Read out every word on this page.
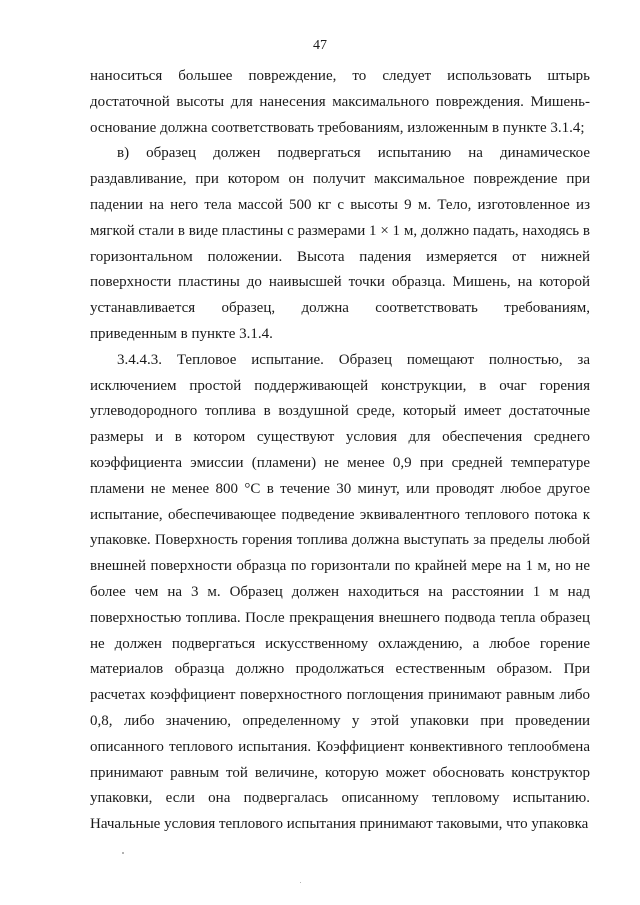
47

наноситься большее повреждение, то следует использовать штырь достаточной высоты для нанесения максимального повреждения. Мишень-основание должна соответствовать требованиям, изложенным в пункте 3.1.4;

в) образец должен подвергаться испытанию на динамическое раздавливание, при котором он получит максимальное повреждение при падении на него тела массой 500 кг с высоты 9 м. Тело, изготовленное из мягкой стали в виде пластины с размерами 1 × 1 м, должно падать, находясь в горизонтальном положении. Высота падения измеряется от нижней поверхности пластины до наивысшей точки образца. Мишень, на которой устанавливается образец, должна соответствовать требованиям, приведенным в пункте 3.1.4.

3.4.4.3. Тепловое испытание. Образец помещают полностью, за исключением простой поддерживающей конструкции, в очаг горения углеводородного топлива в воздушной среде, который имеет достаточные размеры и в котором существуют условия для обеспечения среднего коэффициента эмиссии (пламени) не менее 0,9 при средней температуре пламени не менее 800 °С в течение 30 минут, или проводят любое другое испытание, обеспечивающее подведение эквивалентного теплового потока к упаковке. Поверхность горения топлива должна выступать за пределы любой внешней поверхности образца по горизонтали по крайней мере на 1 м, но не более чем на 3 м. Образец должен находиться на расстоянии 1 м над поверхностью топлива. После прекращения внешнего подвода тепла образец не должен подвергаться искусственному охлаждению, а любое горение материалов образца должно продолжаться естественным образом. При расчетах коэффициент поверхностного поглощения принимают равным либо 0,8, либо значению, определенному у этой упаковки при проведении описанного теплового испытания. Коэффициент конвективного теплообмена принимают равным той величине, которую может обосновать конструктор упаковки, если она подвергалась описанному тепловому испытанию. Начальные условия теплового испытания принимают таковыми, что упаковка
